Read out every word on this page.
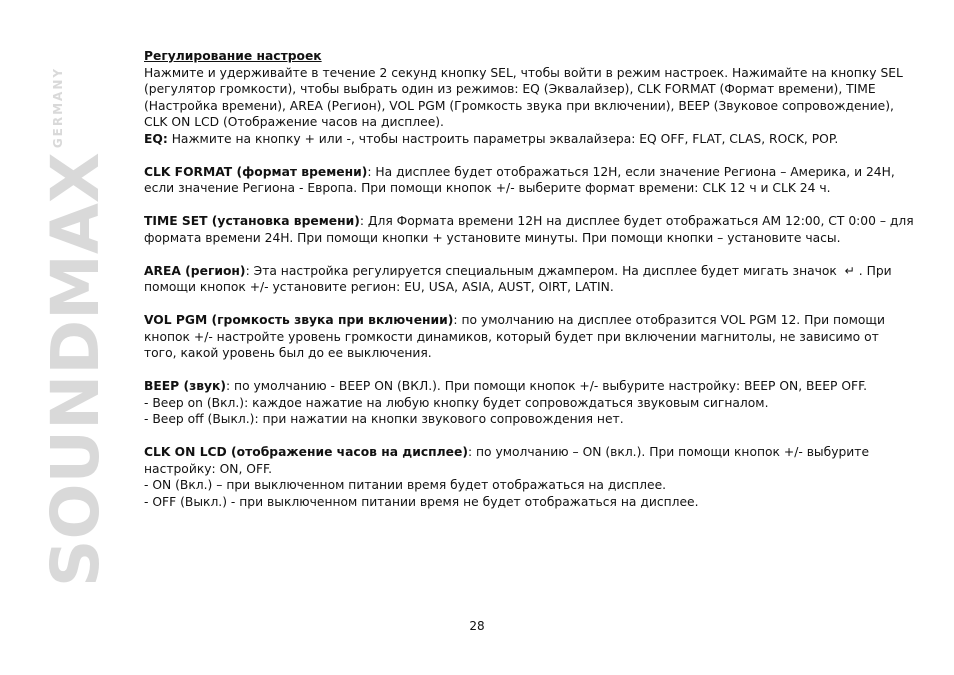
SOUNDMAX
GERMANY

Регулирование настроек

Нажмите и удерживайте в течение 2 секунд кнопку SEL, чтобы войти в режим настроек. Нажимайте на кнопку SEL (регулятор громкости), чтобы выбрать один из режимов: EQ (Эквалайзер), CLK FORMAT (Формат времени), TIME (Настройка времени), AREA (Регион), VOL PGM (Громкость звука при включении), BEEP (Звуковое сопровождение), CLK ON LCD (Отображение часов на дисплее).

EQ: Нажмите на кнопку + или -, чтобы настроить параметры эквалайзера: EQ OFF, FLAT, CLAS, ROCK, POP.

CLK FORMAT (формат времени): На дисплее будет отображаться 12H, если значение Региона – Америка, и 24H, если значение Региона - Европа. При помощи кнопок +/- выберите формат времени: CLK 12 ч и CLK 24 ч.

TIME SET (установка времени): Для Формата времени 12H на дисплее будет отображаться AM 12:00, CT 0:00 – для формата времени 24H. При помощи кнопки + установите минуты. При помощи кнопки – установите часы.

AREA (регион): Эта настройка регулируется специальным джампером. На дисплее будет мигать значок ↵ . При помощи кнопок +/- установите регион: EU, USA, ASIA, AUST, OIRT, LATIN.

VOL PGM (громкость звука при включении): по умолчанию на дисплее отобразится VOL PGM 12. При помощи кнопок +/- настройте уровень громкости динамиков, который будет при включении магнитолы, не зависимо от того, какой уровень был до ее выключения.

BEEP (звук): по умолчанию - BEEP ON (ВКЛ.). При помощи кнопок +/- выбурите настройку: BEEP ON, BEEP OFF.

- Beep on (Вкл.): каждое нажатие на любую кнопку будет сопровождаться звуковым сигналом.

- Beep off (Выкл.): при нажатии на кнопки звукового сопровождения нет.

CLK ON LCD (отображение часов на дисплее): по умолчанию – ON (вкл.). При помощи кнопок +/- выбурите настройку: ON, OFF.

- ON (Вкл.) – при выключенном питании время будет отображаться на дисплее.

- OFF (Выкл.) - при выключенном питании время не будет отображаться на дисплее.

28
